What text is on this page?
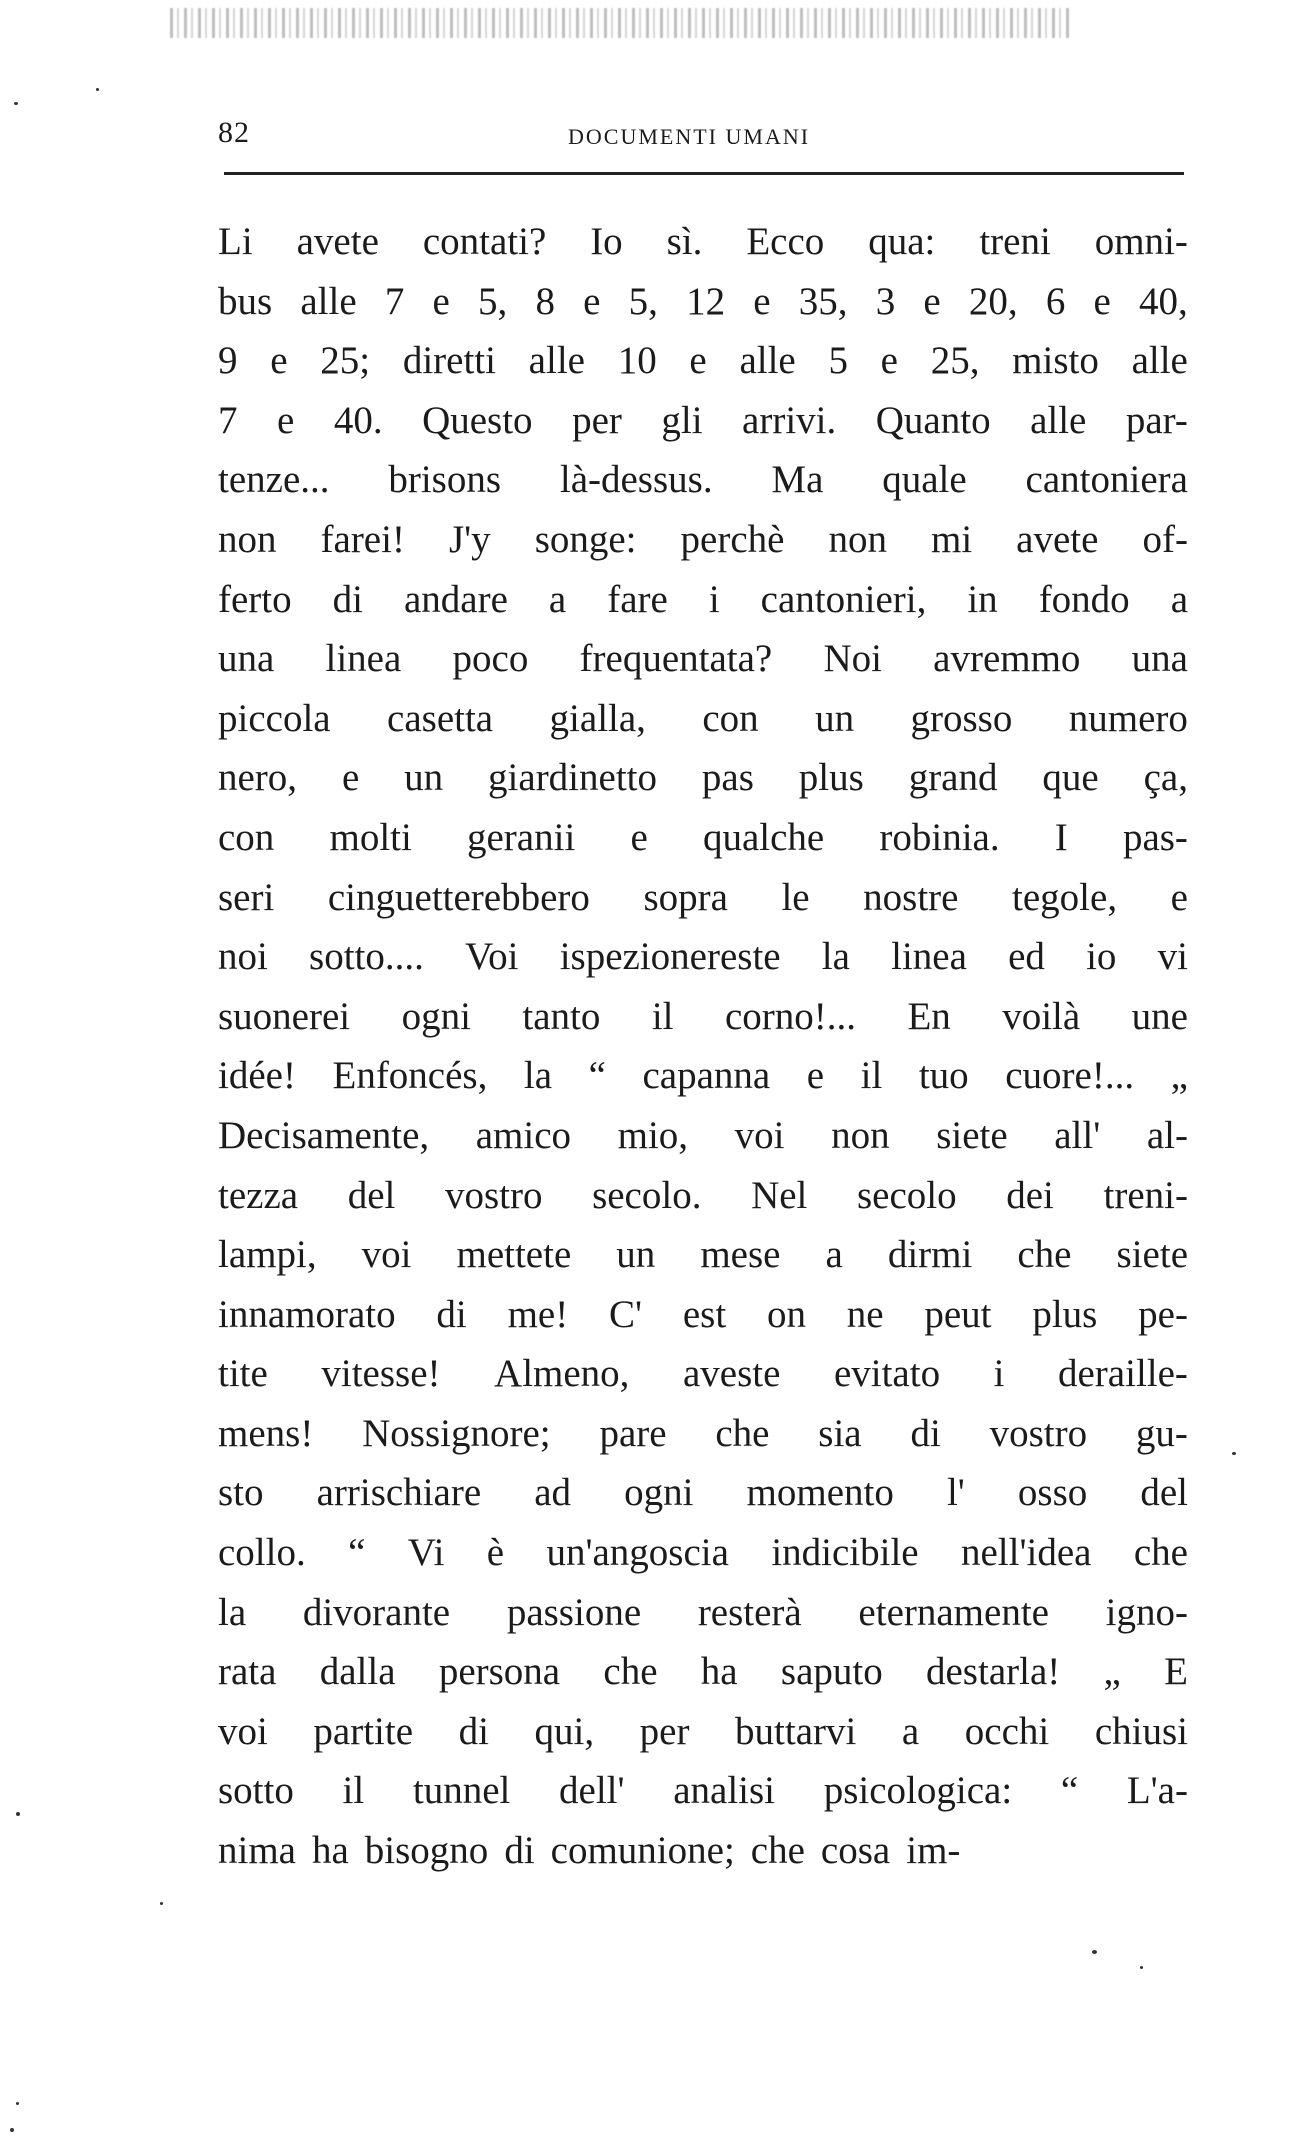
82	DOCUMENTI UMANI
Li avete contati? Io sì. Ecco qua: treni omni-
bus alle 7 e 5, 8 e 5, 12 e 35, 3 e 20, 6 e 40,
9 e 25; diretti alle 10 e alle 5 e 25, misto alle
7 e 40. Questo per gli arrivi. Quanto alle par-
tenze... brisons là-dessus. Ma quale cantoniera
non farei! J'y songe: perchè non mi avete of-
ferto di andare a fare i cantonieri, in fondo a
una linea poco frequentata? Noi avremmo una
piccola casetta gialla, con un grosso numero
nero, e un giardinetto pas plus grand que ça,
con molti geranii e qualche robinia. I pas-
seri cinguetterebbero sopra le nostre tegole, e
noi sotto.... Voi ispezionereste la linea ed io vi
suonerei ogni tanto il corno!... En voilà une
idée! Enfoncés, la “ capanna e il tuo cuore!... „
Decisamente, amico mio, voi non siete all' al-
tezza del vostro secolo. Nel secolo dei treni-
lampi, voi mettete un mese a dirmi che siete
innamorato di me! C' est on ne peut plus pe-
tite vitesse! Almeno, aveste evitato i deraille-
mens! Nossignore; pare che sia di vostro gu-
sto arrischiare ad ogni momento l' osso del
collo. “ Vi è un'angoscia indicibile nell'idea che
la divorante passione resterà eternamente igno-
rata dalla persona che ha saputo destarla! „ E
voi partite di qui, per buttarvi a occhi chiusi
sotto il tunnel dell' analisi psicologica: “ L'a-
nima ha bisogno di comunione; che cosa im-
